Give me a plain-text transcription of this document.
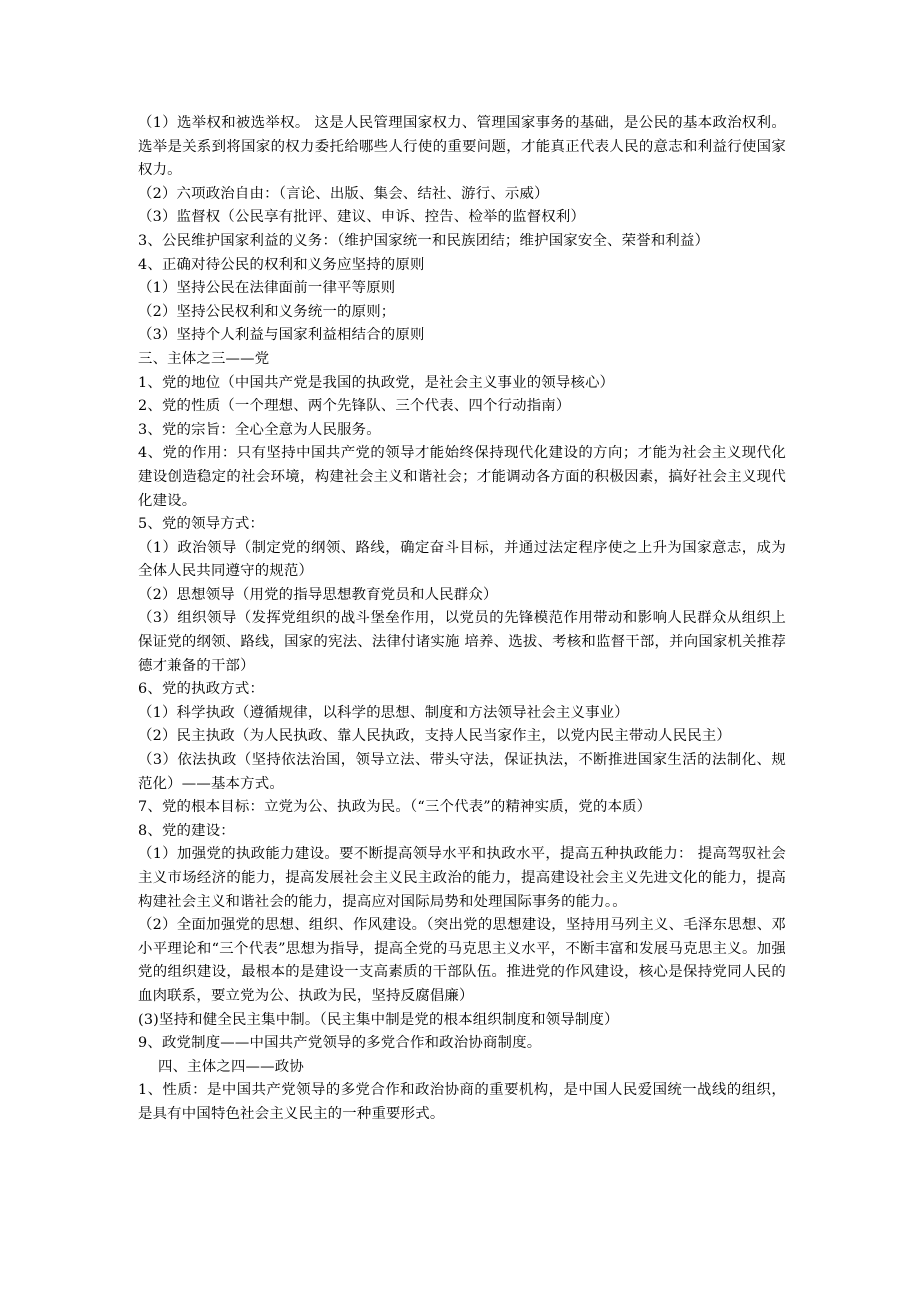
（1）选举权和被选举权。 这是人民管理国家权力、管理国家事务的基础，是公民的基本政治权利。选举是关系到将国家的权力委托给哪些人行使的重要问题，才能真正代表人民的意志和利益行使国家权力。

（2）六项政治自由：（言论、出版、集会、结社、游行、示威）

（3）监督权（公民享有批评、建议、申诉、控告、检举的监督权利）

3、公民维护国家利益的义务：（维护国家统一和民族团结；维护国家安全、荣誉和利益）

4、正确对待公民的权利和义务应坚持的原则

（1）坚持公民在法律面前一律平等原则

（2）坚持公民权利和义务统一的原则；

（3）坚持个人利益与国家利益相结合的原则

三、主体之三——党

1、党的地位（中国共产党是我国的执政党，是社会主义事业的领导核心）

2、党的性质（一个理想、两个先锋队、三个代表、四个行动指南）

3、党的宗旨：全心全意为人民服务。

4、党的作用：只有坚持中国共产党的领导才能始终保持现代化建设的方向；才能为社会主义现代化建设创造稳定的社会环境，构建社会主义和谐社会；才能调动各方面的积极因素，搞好社会主义现代化建设。

5、党的领导方式：

（1）政治领导（制定党的纲领、路线，确定奋斗目标，并通过法定程序使之上升为国家意志，成为全体人民共同遵守的规范）

（2）思想领导（用党的指导思想教育党员和人民群众）

（3）组织领导（发挥党组织的战斗堡垒作用，以党员的先锋模范作用带动和影响人民群众从组织上保证党的纲领、路线，国家的宪法、法律付诸实施 培养、选拔、考核和监督干部，并向国家机关推荐德才兼备的干部）

6、党的执政方式：

（1）科学执政（遵循规律，以科学的思想、制度和方法领导社会主义事业）

（2）民主执政（为人民执政、靠人民执政，支持人民当家作主，以党内民主带动人民民主）

（3）依法执政（坚持依法治国，领导立法、带头守法，保证执法，不断推进国家生活的法制化、规范化）——基本方式。

7、党的根本目标：立党为公、执政为民。（“三个代表”的精神实质，党的本质）

8、党的建设：

（1）加强党的执政能力建设。要不断提高领导水平和执政水平，提高五种执政能力： 提高驾驭社会主义市场经济的能力，提高发展社会主义民主政治的能力，提高建设社会主义先进文化的能力，提高构建社会主义和谐社会的能力，提高应对国际局势和处理国际事务的能力。。

（2）全面加强党的思想、组织、作风建设。（突出党的思想建设，坚持用马列主义、毛泽东思想、邓小平理论和“三个代表”思想为指导，提高全党的马克思主义水平，不断丰富和发展马克思主义。加强党的组织建设，最根本的是建设一支高素质的干部队伍。推进党的作风建设，核心是保持党同人民的血肉联系，要立党为公、执政为民，坚持反腐倡廉）

(3)坚持和健全民主集中制。（民主集中制是党的根本组织制度和领导制度）

9、政党制度——中国共产党领导的多党合作和政治协商制度。

四、主体之四——政协

1、性质：是中国共产党领导的多党合作和政治协商的重要机构，是中国人民爱国统一战线的组织，是具有中国特色社会主义民主的一种重要形式。
